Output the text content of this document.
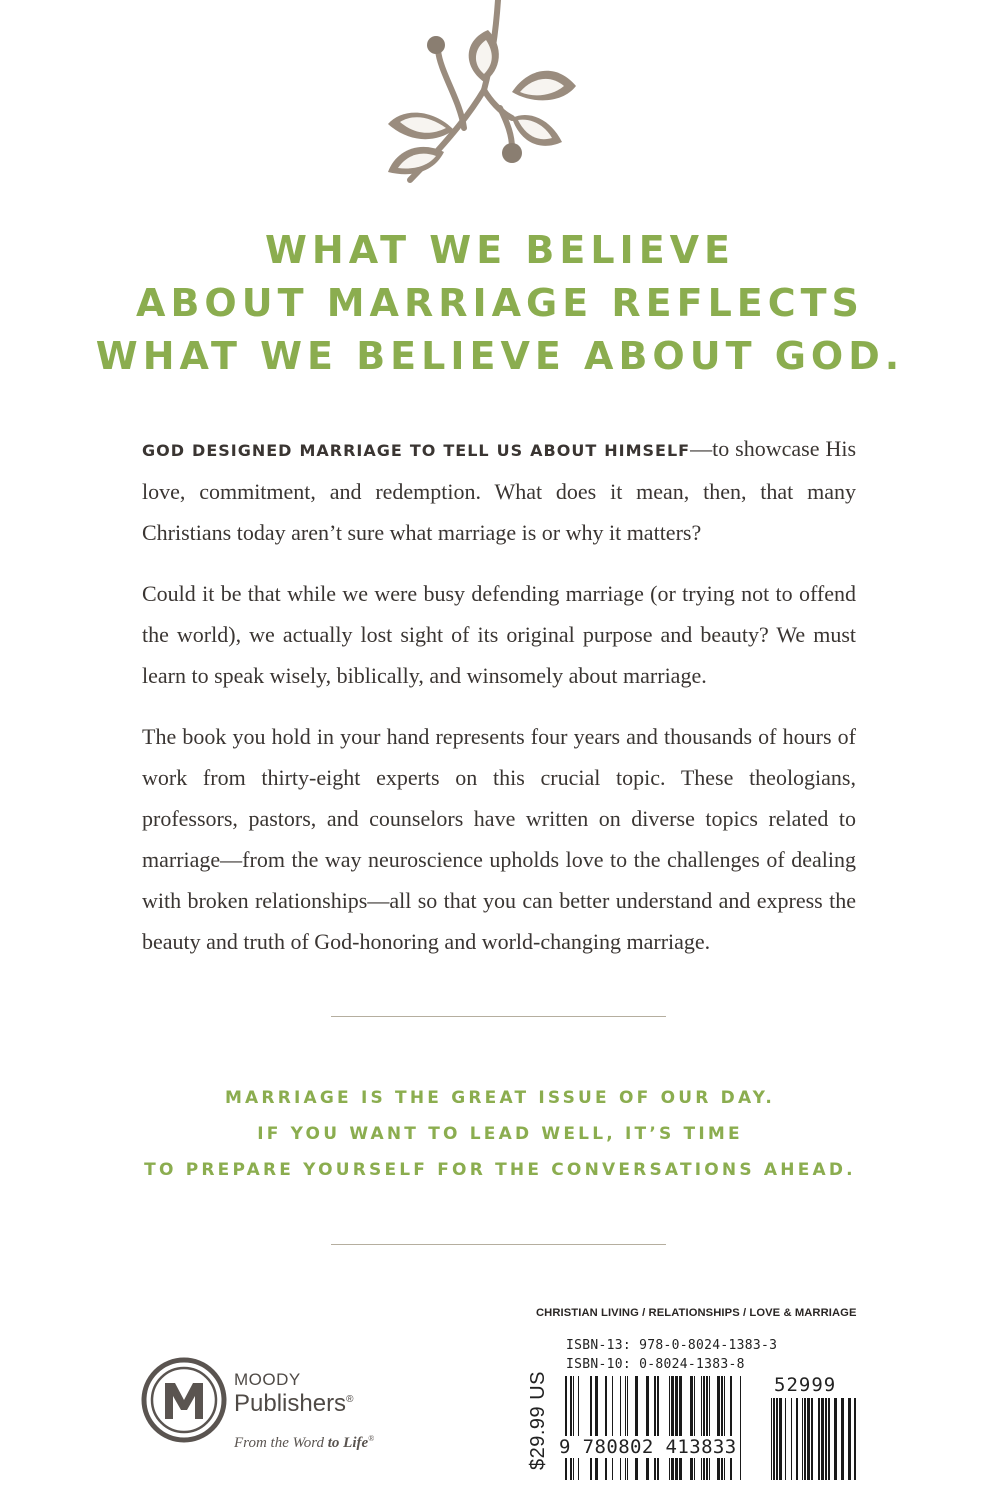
WHAT WE BELIEVE
ABOUT MARRIAGE REFLECTS
WHAT WE BELIEVE ABOUT GOD.

GOD DESIGNED MARRIAGE TO TELL US ABOUT HIMSELF—to showcase His love, commitment, and redemption. What does it mean, then, that many Christians today aren’t sure what marriage is or why it matters?

Could it be that while we were busy defending marriage (or trying not to offend the world), we actually lost sight of its original purpose and beauty? We must learn to speak wisely, biblically, and winsomely about marriage.

The book you hold in your hand represents four years and thousands of hours of work from thirty-eight experts on this crucial topic. These theologians, professors, pastors, and counselors have written on diverse topics related to marriage—from the way neuroscience upholds love to the challenges of dealing with broken relationships—all so that you can better understand and express the beauty and truth of God-honoring and world-changing marriage.

MARRIAGE IS THE GREAT ISSUE OF OUR DAY.
IF YOU WANT TO LEAD WELL, IT’S TIME
TO PREPARE YOURSELF FOR THE CONVERSATIONS AHEAD.
MOODY
Publishers®
From the Word to Life®
CHRISTIAN LIVING / RELATIONSHIPS / LOVE & MARRIAGE
$29.99 US
ISBN-13: 978-0-8024-1383-3
ISBN-10: 0-8024-1383-8
9 780802 413833
52999
